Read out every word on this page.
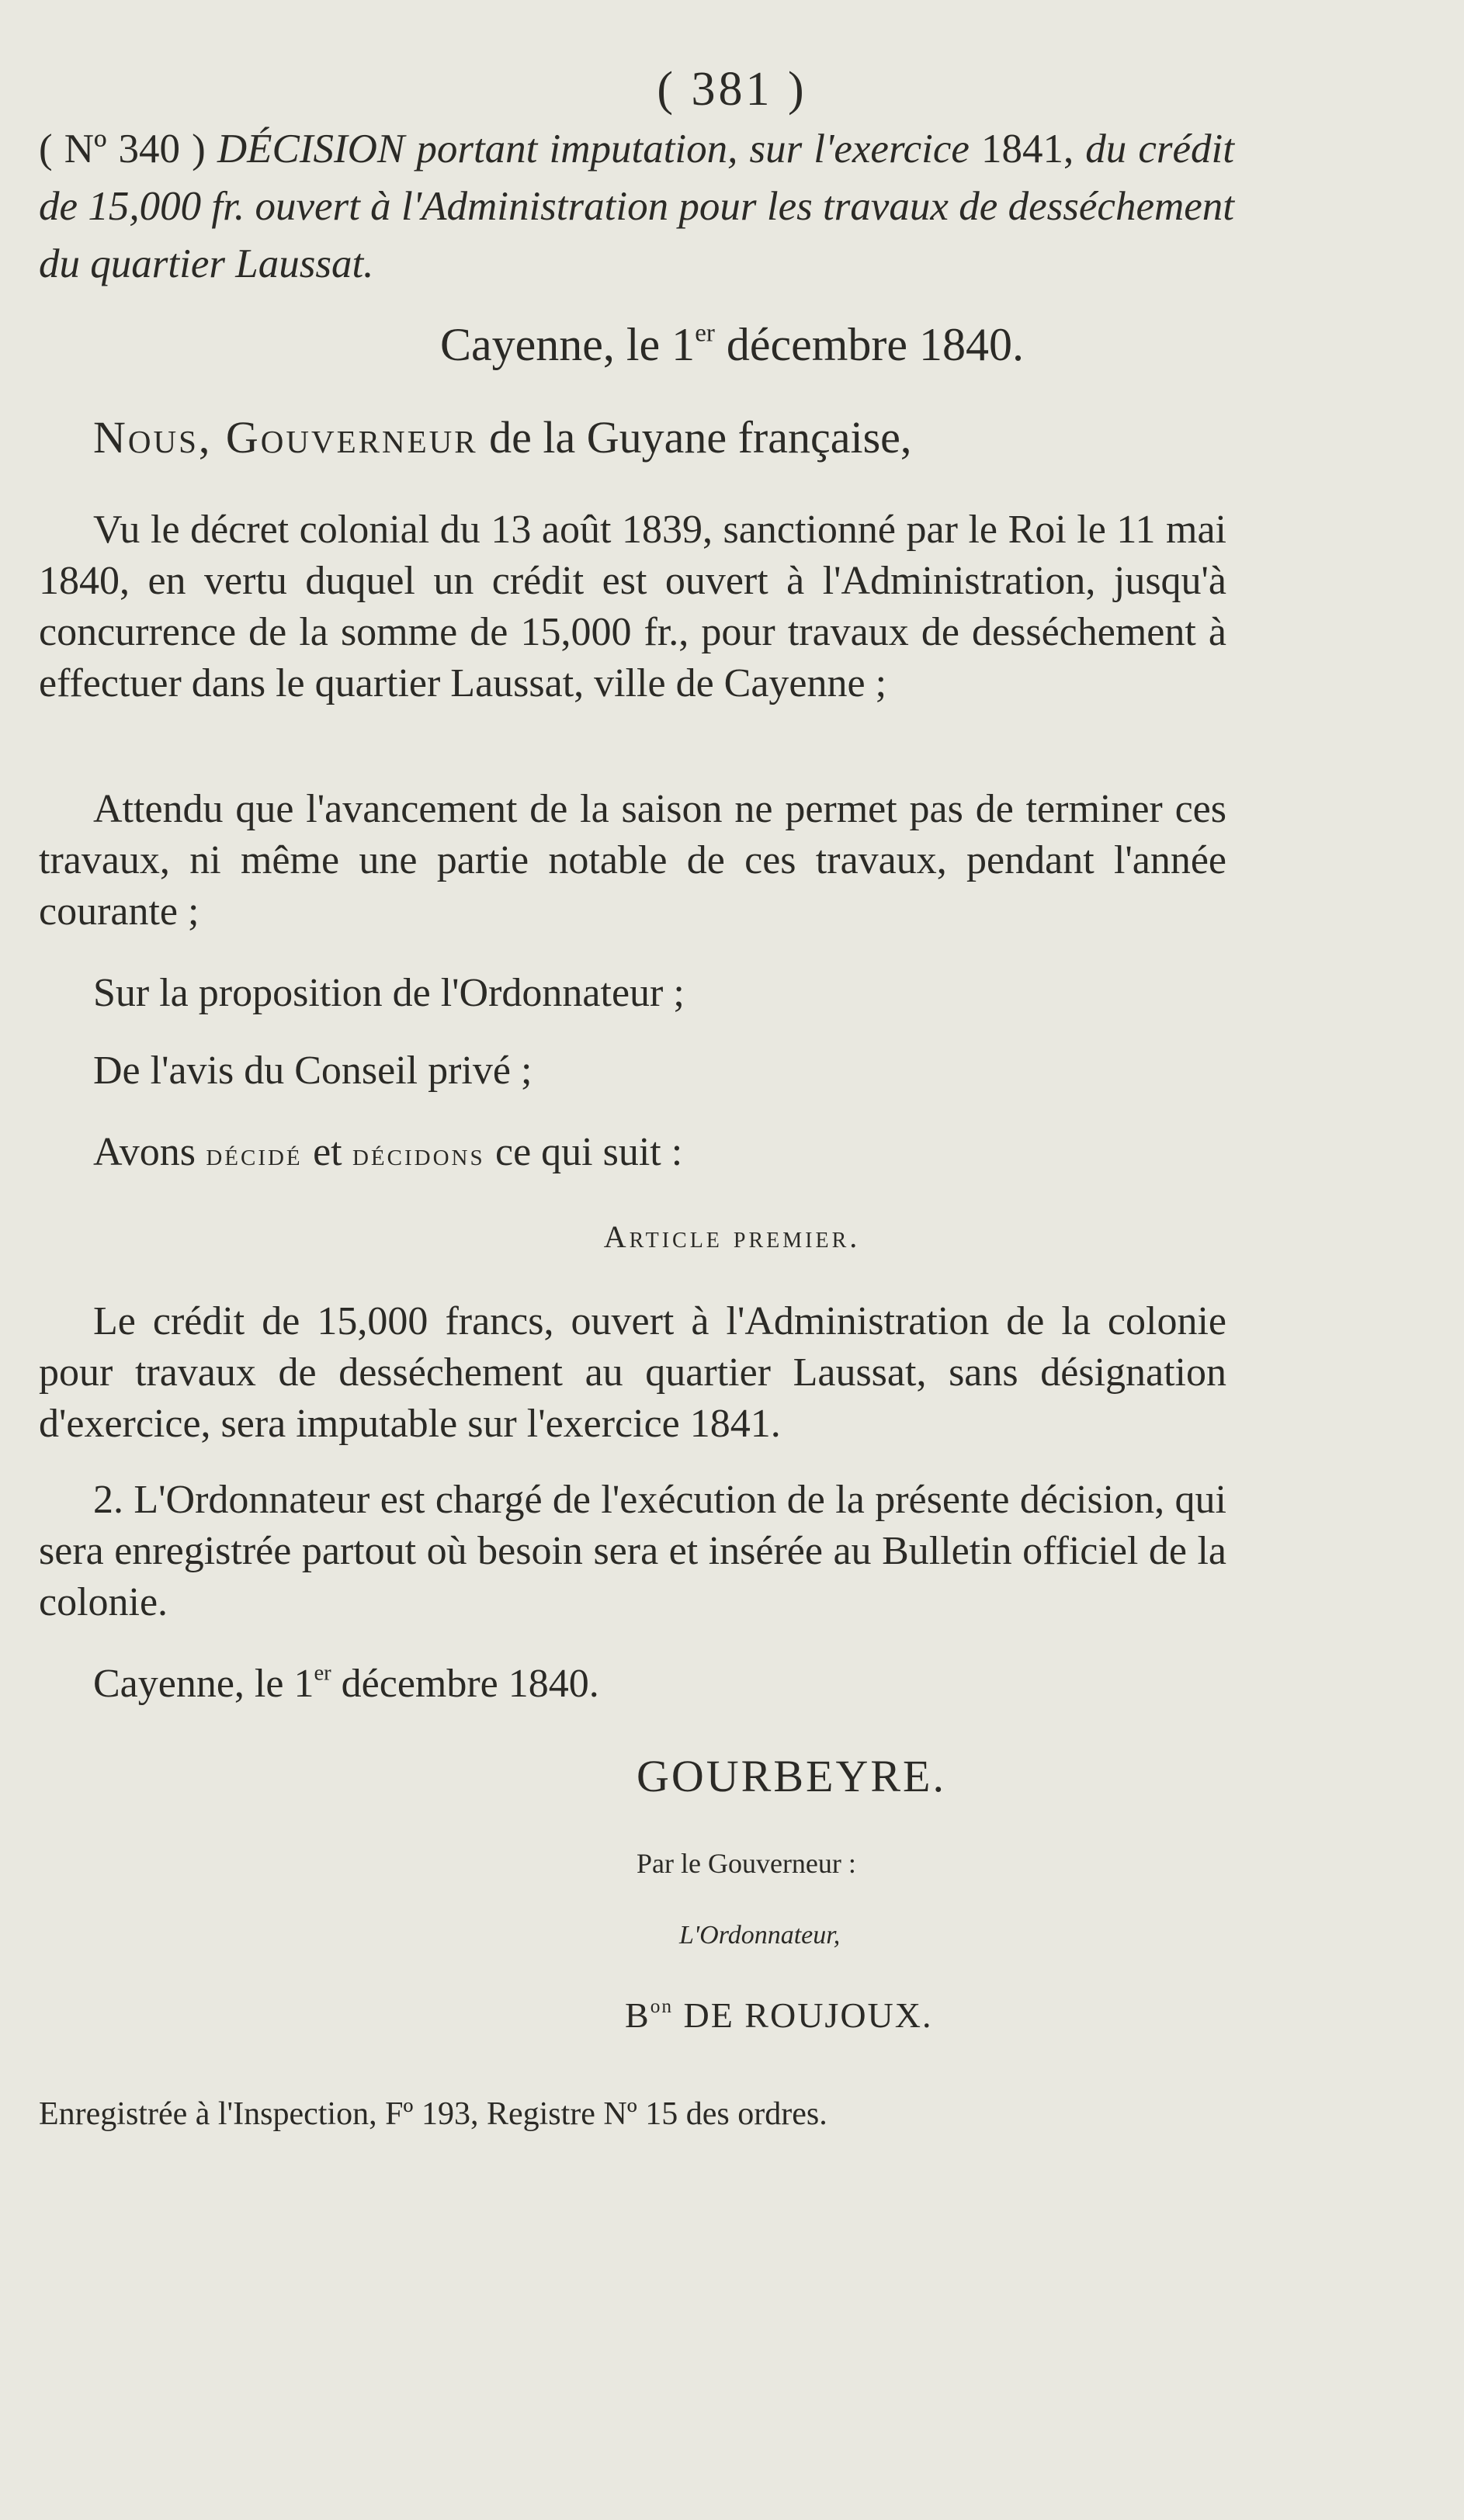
( 381 )

( Nº 340 ) DÉCISION portant imputation, sur l'exercice 1841, du crédit de 15,000 fr. ouvert à l'Administration pour les travaux de desséchement du quartier Laussat.

Cayenne, le 1er décembre 1840.

Nous, Gouverneur de la Guyane française,

Vu le décret colonial du 13 août 1839, sanctionné par le Roi le 11 mai 1840, en vertu duquel un crédit est ouvert à l'Administration, jusqu'à concurrence de la somme de 15,000 fr., pour travaux de desséchement à effectuer dans le quartier Laussat, ville de Cayenne ;

Attendu que l'avancement de la saison ne permet pas de terminer ces travaux, ni même une partie notable de ces travaux, pendant l'année courante ;

Sur la proposition de l'Ordonnateur ;

De l'avis du Conseil privé ;

Avons décidé et décidons ce qui suit :

Article premier.

Le crédit de 15,000 francs, ouvert à l'Administration de la colonie pour travaux de desséchement au quartier Laussat, sans désignation d'exercice, sera imputable sur l'exercice 1841.

2. L'Ordonnateur est chargé de l'exécution de la présente décision, qui sera enregistrée partout où besoin sera et insérée au Bulletin officiel de la colonie.

Cayenne, le 1er décembre 1840.

GOURBEYRE.

Par le Gouverneur :

L'Ordonnateur,

$B^{on}$ DE ROUJOUX.

Enregistrée à l'Inspection, Fº 193, Registre Nº 15 des ordres.
